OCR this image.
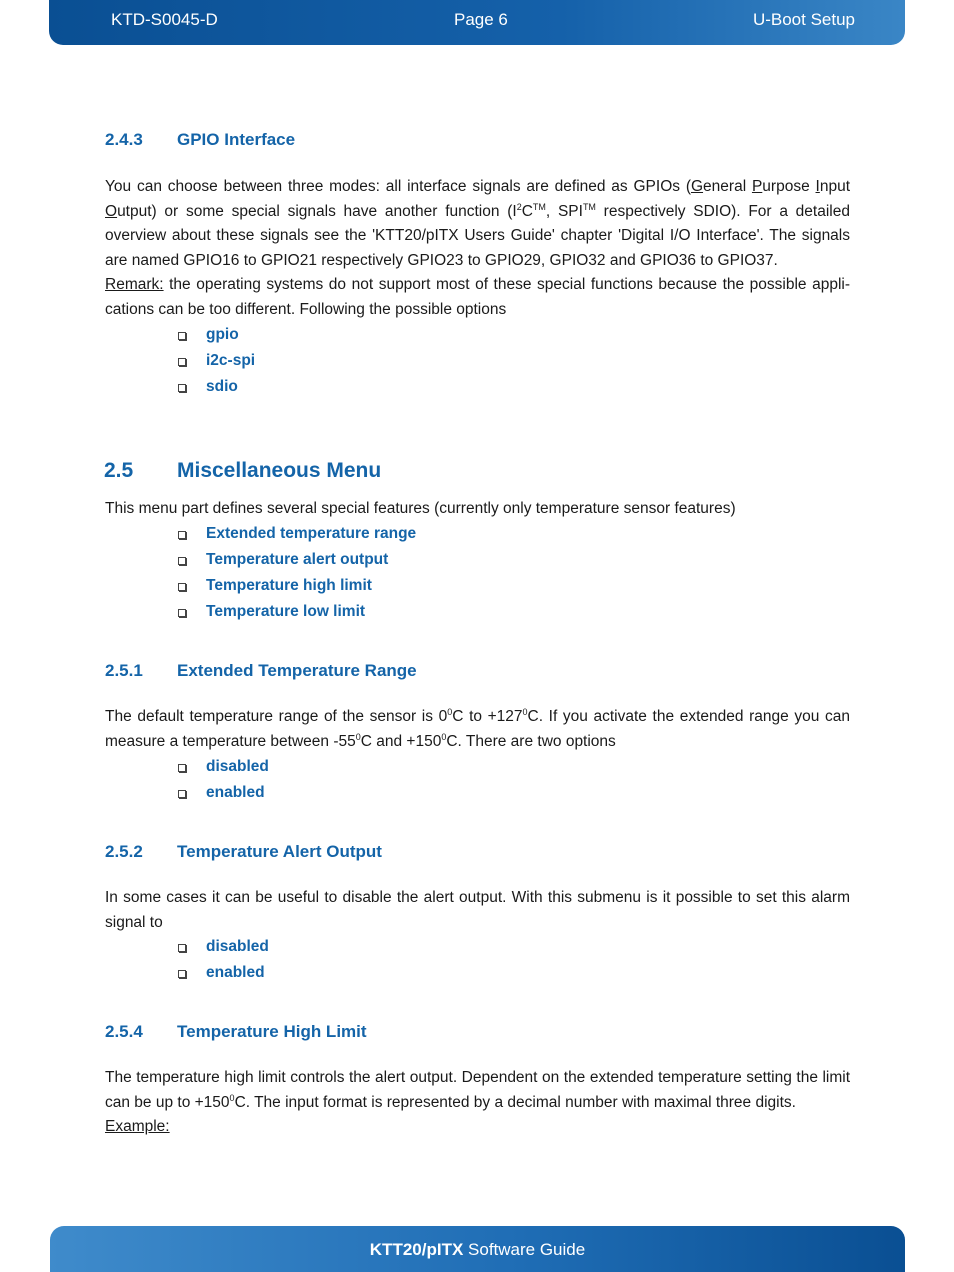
KTD-S0045-D	Page 6	U-Boot Setup
2.4.3 GPIO Interface
You can choose between three modes: all interface signals are defined as GPIOs (General Purpose Input Output) or some special signals have another function ($I^2C™$, SPI™ respectively SDIO). For a detailed overview about these signals see the 'KTT20/pITX Users Guide' chapter 'Digital I/O Interface'. The signals are named GPIO16 to GPIO21 respectively GPIO23 to GPIO29, GPIO32 and GPIO36 to GPIO37.
Remark: the operating systems do not support most of these special functions because the possible appli-cations can be too different. Following the possible options
gpio
i2c-spi
sdio
2.5 Miscellaneous Menu
This menu part defines several special features (currently only temperature sensor features)
Extended temperature range
Temperature alert output
Temperature high limit
Temperature low limit
2.5.1 Extended Temperature Range
The default temperature range of the sensor is $0^0C$ to $+127^0C$. If you activate the extended range you can measure a temperature between $-55^0C$ and $+150^0C$. There are two options
disabled
enabled
2.5.2 Temperature Alert Output
In some cases it can be useful to disable the alert output. With this submenu is it possible to set this alarm signal to
disabled
enabled
2.5.4 Temperature High Limit
The temperature high limit controls the alert output. Dependent on the extended temperature setting the limit can be up to $+150^0C$. The input format is represented by a decimal number with maximal three digits.
Example:
KTT20/pITX Software Guide
